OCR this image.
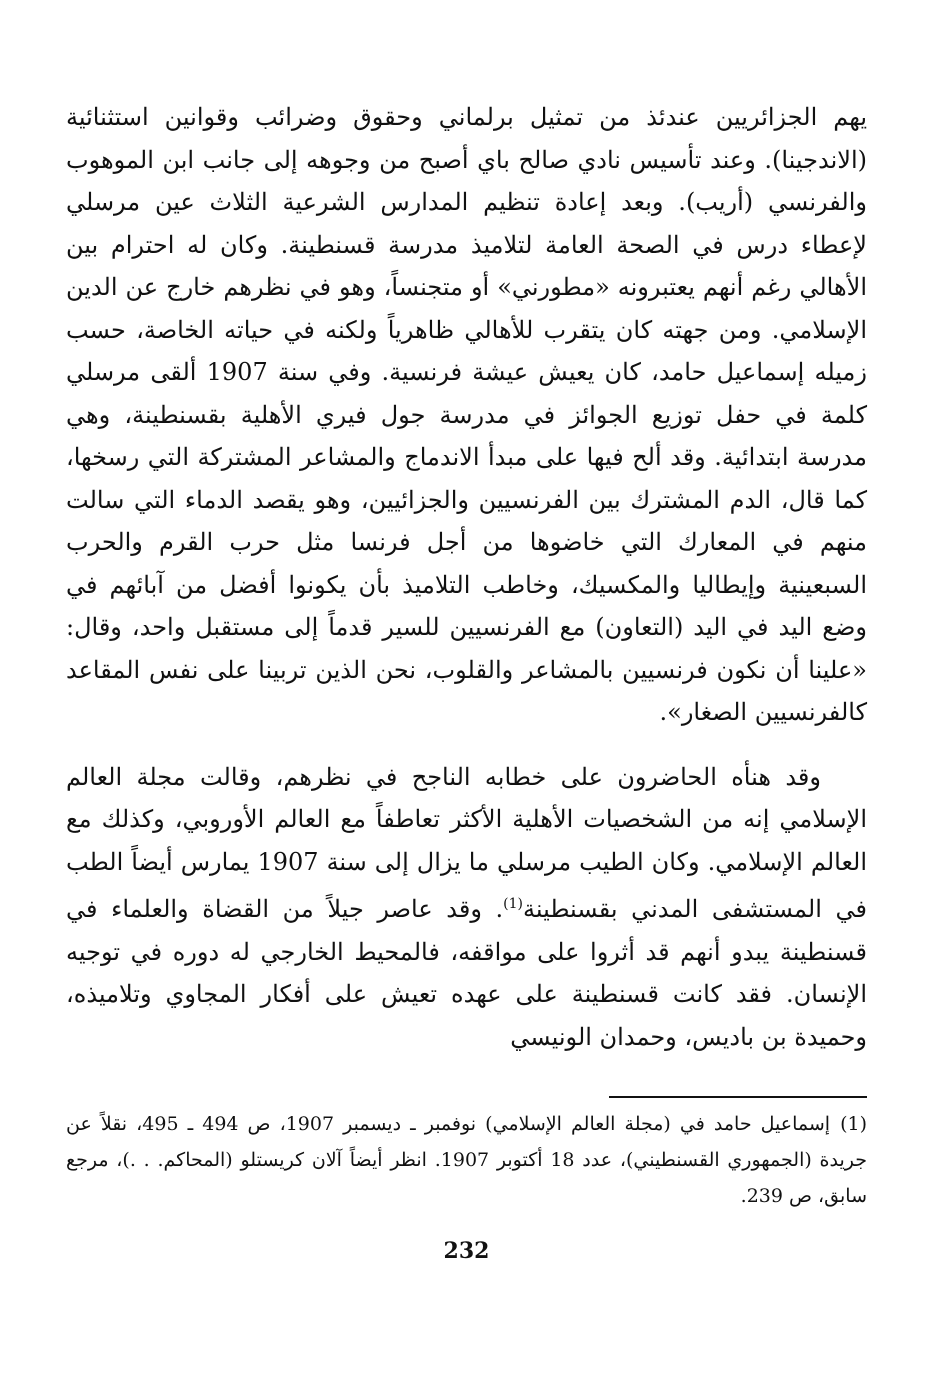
يهم الجزائريين عندئذ من تمثيل برلماني وحقوق وضرائب وقوانين استثنائية (الاندجينا). وعند تأسيس نادي صالح باي أصبح من وجوهه إلى جانب ابن الموهوب والفرنسي (أريب). وبعد إعادة تنظيم المدارس الشرعية الثلاث عين مرسلي لإعطاء درس في الصحة العامة لتلاميذ مدرسة قسنطينة. وكان له احترام بين الأهالي رغم أنهم يعتبرونه «مطورني» أو متجنساً، وهو في نظرهم خارج عن الدين الإسلامي. ومن جهته كان يتقرب للأهالي ظاهرياً ولكنه في حياته الخاصة، حسب زميله إسماعيل حامد، كان يعيش عيشة فرنسية. وفي سنة 1907 ألقى مرسلي كلمة في حفل توزيع الجوائز في مدرسة جول فيري الأهلية بقسنطينة، وهي مدرسة ابتدائية. وقد ألح فيها على مبدأ الاندماج والمشاعر المشتركة التي رسخها، كما قال، الدم المشترك بين الفرنسيين والجزائيين، وهو يقصد الدماء التي سالت منهم في المعارك التي خاضوها من أجل فرنسا مثل حرب القرم والحرب السبعينية وإيطاليا والمكسيك، وخاطب التلاميذ بأن يكونوا أفضل من آبائهم في وضع اليد في اليد (التعاون) مع الفرنسيين للسير قدماً إلى مستقبل واحد، وقال: «علينا أن نكون فرنسيين بالمشاعر والقلوب، نحن الذين تربينا على نفس المقاعد كالفرنسيين الصغار».

وقد هنأه الحاضرون على خطابه الناجح في نظرهم، وقالت مجلة العالم الإسلامي إنه من الشخصيات الأهلية الأكثر تعاطفاً مع العالم الأوروبي، وكذلك مع العالم الإسلامي. وكان الطيب مرسلي ما يزال إلى سنة 1907 يمارس أيضاً الطب في المستشفى المدني بقسنطينة$^{(1)}$. وقد عاصر جيلاً من القضاة والعلماء في قسنطينة يبدو أنهم قد أثروا على مواقفه، فالمحيط الخارجي له دوره في توجيه الإنسان. فقد كانت قسنطينة على عهده تعيش على أفكار المجاوي وتلاميذه، وحميدة بن باديس، وحمدان الونيسي

(1)إسماعيل حامد في (مجلة العالم الإسلامي) نوفمبر ـ ديسمبر 1907، ص 494 ـ 495، نقلاً عن جريدة (الجمهوري القسنطيني)، عدد 18 أكتوبر 1907. انظر أيضاً آلان كريستلو (المحاكم. . .)، مرجع سابق، ص 239.
232
